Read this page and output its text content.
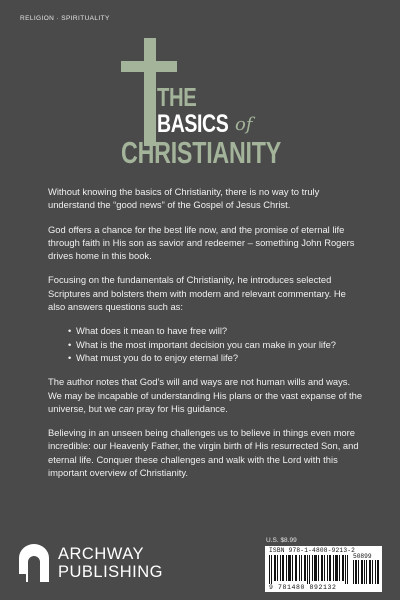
RELIGION · SPIRITUALITY
THE
BASICS of
CHRISTIANITY

Without knowing the basics of Christianity, there is no way to truly understand the “good news” of the Gospel of Jesus Christ.

God offers a chance for the best life now, and the promise of eternal life through faith in His son as savior and redeemer – something John Rogers drives home in this book.

Focusing on the fundamentals of Christianity, he introduces selected Scriptures and bolsters them with modern and relevant commentary. He also answers questions such as:

• What does it mean to have free will?
• What is the most important decision you can make in your life?
• What must you do to enjoy eternal life?

The author notes that God’s will and ways are not human wills and ways. We may be incapable of understanding His plans or the vast expanse of the universe, but we can pray for His guidance.

Believing in an unseen being challenges us to believe in things even more incredible: our Heavenly Father, the virgin birth of His resurrected Son, and eternal life. Conquer these challenges and walk with the Lord with this important overview of Christianity.

ARCHWAY
PUBLISHING
U.S. $8.99
ISBN 978-1-4808-9213-2
50899
9 781480 892132
